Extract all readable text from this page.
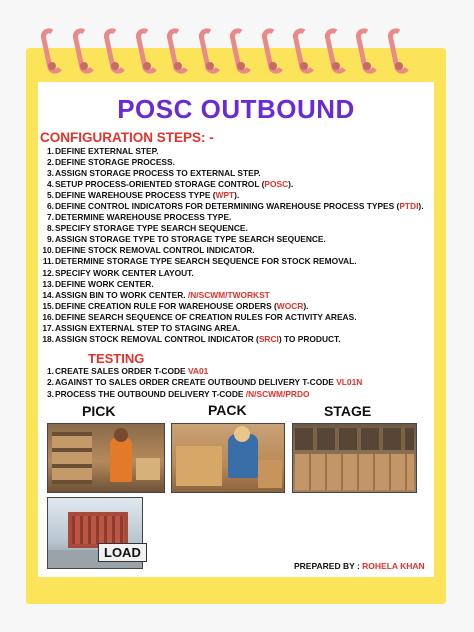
POSC OUTBOUND
CONFIGURATION STEPS: -
1.DEFINE EXTERNAL STEP.
2.DEFINE STORAGE PROCESS.
3.ASSIGN STORAGE PROCESS TO EXTERNAL STEP.
4.SETUP PROCESS-ORIENTED STORAGE CONTROL (POSC).
5.DEFINE WAREHOUSE PROCESS TYPE (WPT).
6.DEFINE CONTROL INDICATORS FOR DETERMINING WAREHOUSE PROCESS TYPES (PTDI).
7.DETERMINE WAREHOUSE PROCESS TYPE.
8.SPECIFY STORAGE TYPE SEARCH SEQUENCE.
9.ASSIGN STORAGE TYPE TO STORAGE TYPE SEARCH SEQUENCE.
10.DEFINE STOCK REMOVAL CONTROL INDICATOR.
11.DETERMINE STORAGE TYPE SEARCH SEQUENCE FOR STOCK REMOVAL.
12.SPECIFY WORK CENTER LAYOUT.
13.DEFINE WORK CENTER.
14.ASSIGN BIN TO WORK CENTER. /N/SCWM/TWORKST
15.DEFINE CREATION RULE FOR WAREHOUSE ORDERS (WOCR).
16.DEFINE SEARCH SEQUENCE OF CREATION RULES FOR ACTIVITY AREAS.
17.ASSIGN EXTERNAL STEP TO STAGING AREA.
18.ASSIGN STOCK REMOVAL CONTROL INDICATOR (SRCI) TO PRODUCT.
TESTING
1.CREATE SALES ORDER T-CODE VA01
2.AGAINST TO SALES ORDER CREATE OUTBOUND DELIVERY T-CODE VL01N
3.PROCESS THE OUTBOUND DELIVERY T-CODE /N/SCWM/PRDO
PICK	PACK	STAGE
LOAD
PREPARED BY : ROHELA KHAN
